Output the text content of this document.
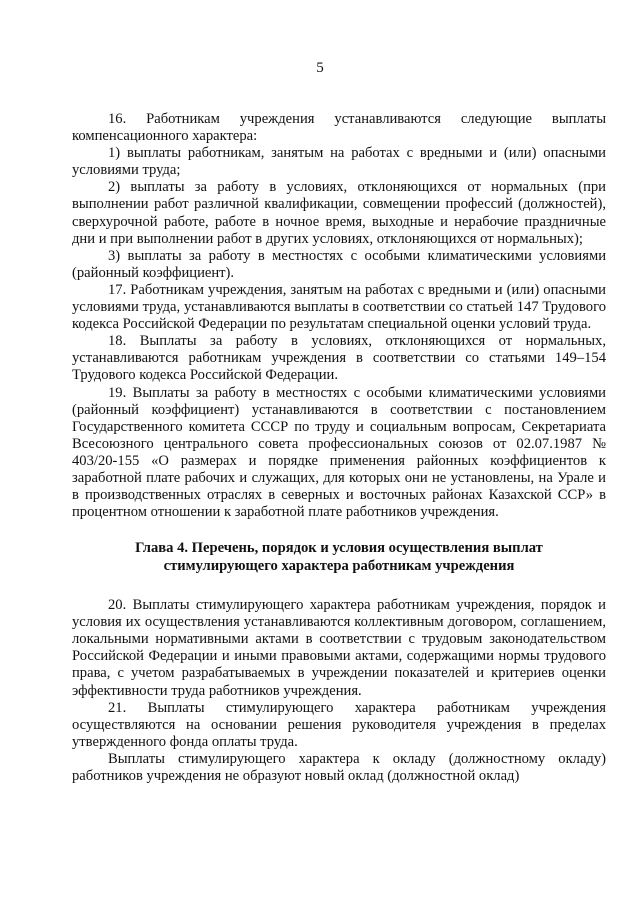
5

16. Работникам учреждения устанавливаются следующие выплаты компенсационного характера:

1) выплаты работникам, занятым на работах с вредными и (или) опасными условиями труда;

2) выплаты за работу в условиях, отклоняющихся от нормальных (при выполнении работ различной квалификации, совмещении профессий (должностей), сверхурочной работе, работе в ночное время, выходные и нерабочие праздничные дни и при выполнении работ в других условиях, отклоняющихся от нормальных);

3) выплаты за работу в местностях с особыми климатическими условиями (районный коэффициент).

17. Работникам учреждения, занятым на работах с вредными и (или) опасными условиями труда, устанавливаются выплаты в соответствии со статьей 147 Трудового кодекса Российской Федерации по результатам специальной оценки условий труда.

18. Выплаты за работу в условиях, отклоняющихся от нормальных, устанавливаются работникам учреждения в соответствии со статьями 149–154 Трудового кодекса Российской Федерации.

19. Выплаты за работу в местностях с особыми климатическими условиями (районный коэффициент) устанавливаются в соответствии с постановлением Государственного комитета СССР по труду и социальным вопросам, Секретариата Всесоюзного центрального совета профессиональных союзов от 02.07.1987 № 403/20-155 «О размерах и порядке применения районных коэффициентов к заработной плате рабочих и служащих, для которых они не установлены, на Урале и в производственных отраслях в северных и восточных районах Казахской ССР» в процентном отношении к заработной плате работников учреждения.

Глава 4. Перечень, порядок и условия осуществления выплат
стимулирующего характера работникам учреждения

20. Выплаты стимулирующего характера работникам учреждения, порядок и условия их осуществления устанавливаются коллективным договором, соглашением, локальными нормативными актами в соответствии с трудовым законодательством Российской Федерации и иными правовыми актами, содержащими нормы трудового права, с учетом разрабатываемых в учреждении показателей и критериев оценки эффективности труда работников учреждения.

21. Выплаты стимулирующего характера работникам учреждения осуществляются на основании решения руководителя учреждения в пределах утвержденного фонда оплаты труда.

Выплаты стимулирующего характера к окладу (должностному окладу) работников учреждения не образуют новый оклад (должностной оклад)
